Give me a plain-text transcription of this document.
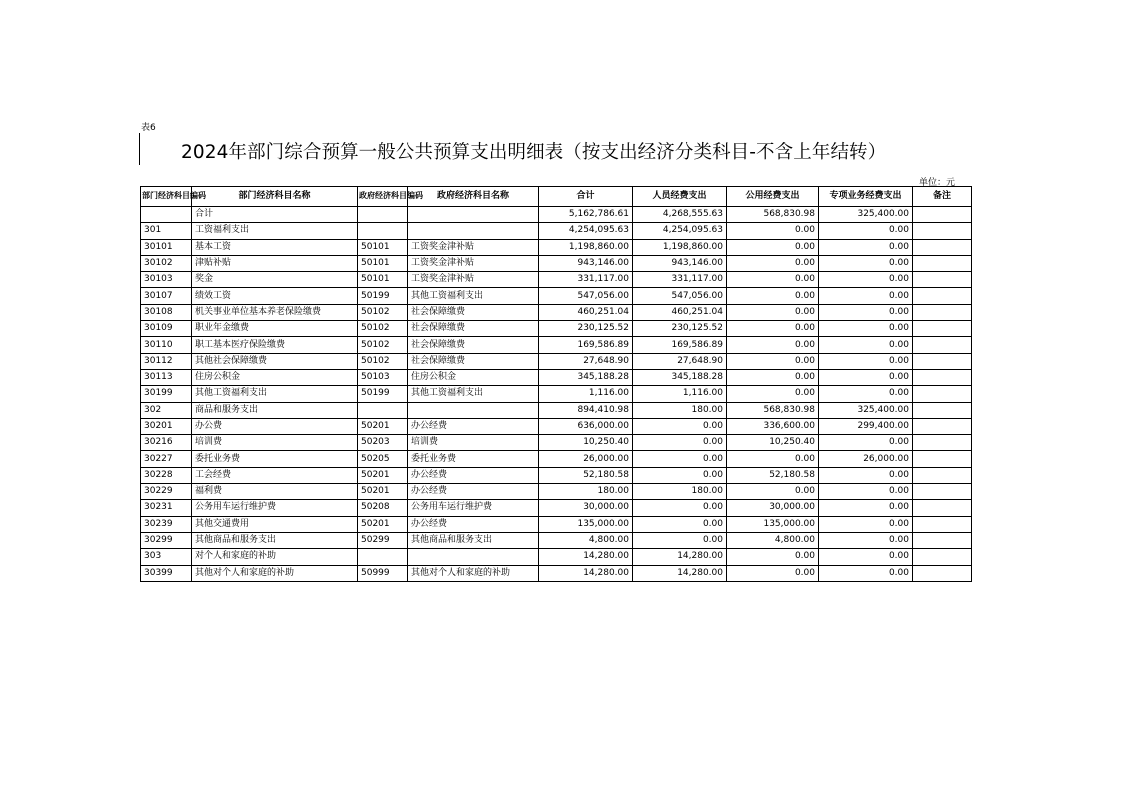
表6
2024年部门综合预算一般公共预算支出明细表（按支出经济分类科目-不含上年结转）
单位：元
部门经济科目编码	部门经济科目名称	政府经济科目编码	政府经济科目名称	合计	人员经费支出	公用经费支出	专项业务经费支出	备注
	合计			5,162,786.61	4,268,555.63	568,830.98	325,400.00	
301	工资福利支出			4,254,095.63	4,254,095.63	0.00	0.00	
30101	基本工资	50101	工资奖金津补贴	1,198,860.00	1,198,860.00	0.00	0.00	
30102	津贴补贴	50101	工资奖金津补贴	943,146.00	943,146.00	0.00	0.00	
30103	奖金	50101	工资奖金津补贴	331,117.00	331,117.00	0.00	0.00	
30107	绩效工资	50199	其他工资福利支出	547,056.00	547,056.00	0.00	0.00	
30108	机关事业单位基本养老保险缴费	50102	社会保障缴费	460,251.04	460,251.04	0.00	0.00	
30109	职业年金缴费	50102	社会保障缴费	230,125.52	230,125.52	0.00	0.00	
30110	职工基本医疗保险缴费	50102	社会保障缴费	169,586.89	169,586.89	0.00	0.00	
30112	其他社会保障缴费	50102	社会保障缴费	27,648.90	27,648.90	0.00	0.00	
30113	住房公积金	50103	住房公积金	345,188.28	345,188.28	0.00	0.00	
30199	其他工资福利支出	50199	其他工资福利支出	1,116.00	1,116.00	0.00	0.00	
302	商品和服务支出			894,410.98	180.00	568,830.98	325,400.00	
30201	办公费	50201	办公经费	636,000.00	0.00	336,600.00	299,400.00	
30216	培训费	50203	培训费	10,250.40	0.00	10,250.40	0.00	
30227	委托业务费	50205	委托业务费	26,000.00	0.00	0.00	26,000.00	
30228	工会经费	50201	办公经费	52,180.58	0.00	52,180.58	0.00	
30229	福利费	50201	办公经费	180.00	180.00	0.00	0.00	
30231	公务用车运行维护费	50208	公务用车运行维护费	30,000.00	0.00	30,000.00	0.00	
30239	其他交通费用	50201	办公经费	135,000.00	0.00	135,000.00	0.00	
30299	其他商品和服务支出	50299	其他商品和服务支出	4,800.00	0.00	4,800.00	0.00	
303	对个人和家庭的补助			14,280.00	14,280.00	0.00	0.00	
30399	其他对个人和家庭的补助	50999	其他对个人和家庭的补助	14,280.00	14,280.00	0.00	0.00	
